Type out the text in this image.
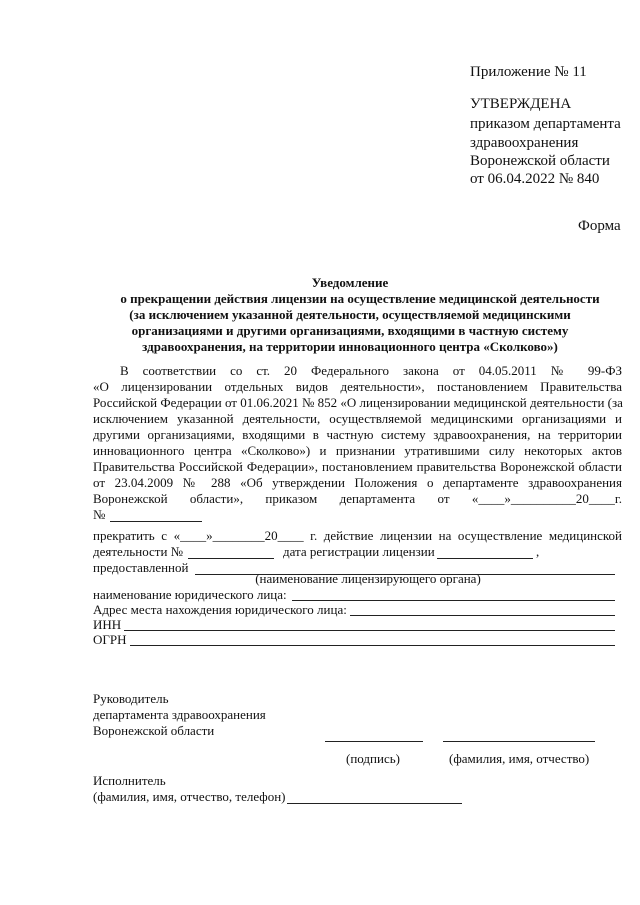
Приложение № 11
УТВЕРЖДЕНА
приказом департамента
здравоохранения
Воронежской области
от 06.04.2022 № 840
Форма
Уведомление
о прекращении действия лицензии на осуществление медицинской деятельности
(за исключением указанной деятельности, осуществляемой медицинскими
организациями и другими организациями, входящими в частную систему
здравоохранения, на территории инновационного центра «Сколково»)
В соответствии со ст. 20 Федерального закона от 04.05.2011 № 99-ФЗ
«О лицензировании отдельных видов деятельности», постановлением Правительства
Российской Федерации от 01.06.2021 № 852 «О лицензировании медицинской деятельности (за
исключением указанной деятельности, осуществляемой медицинскими организациями и
другими организациями, входящими в частную систему здравоохранения, на территории
инновационного центра «Сколково») и признании утратившими силу некоторых актов
Правительства Российской Федерации», постановлением правительства Воронежской области
от 23.04.2009 № 288 «Об утверждении Положения о департаменте здравоохранения
Воронежской области», приказом департамента от «____»__________20____г.
№
прекратить с «____»________20____ г. действие лицензии на осуществление медицинской
деятельности №	дата регистрации лицензии	,
предоставленной
(наименование лицензирующего органа)
наименование юридического лица:
Адрес места нахождения юридического лица:
ИНН
ОГРН
Руководитель
департамента здравоохранения
Воронежской области
(подпись)	(фамилия, имя, отчество)
Исполнитель
(фамилия, имя, отчество, телефон)
